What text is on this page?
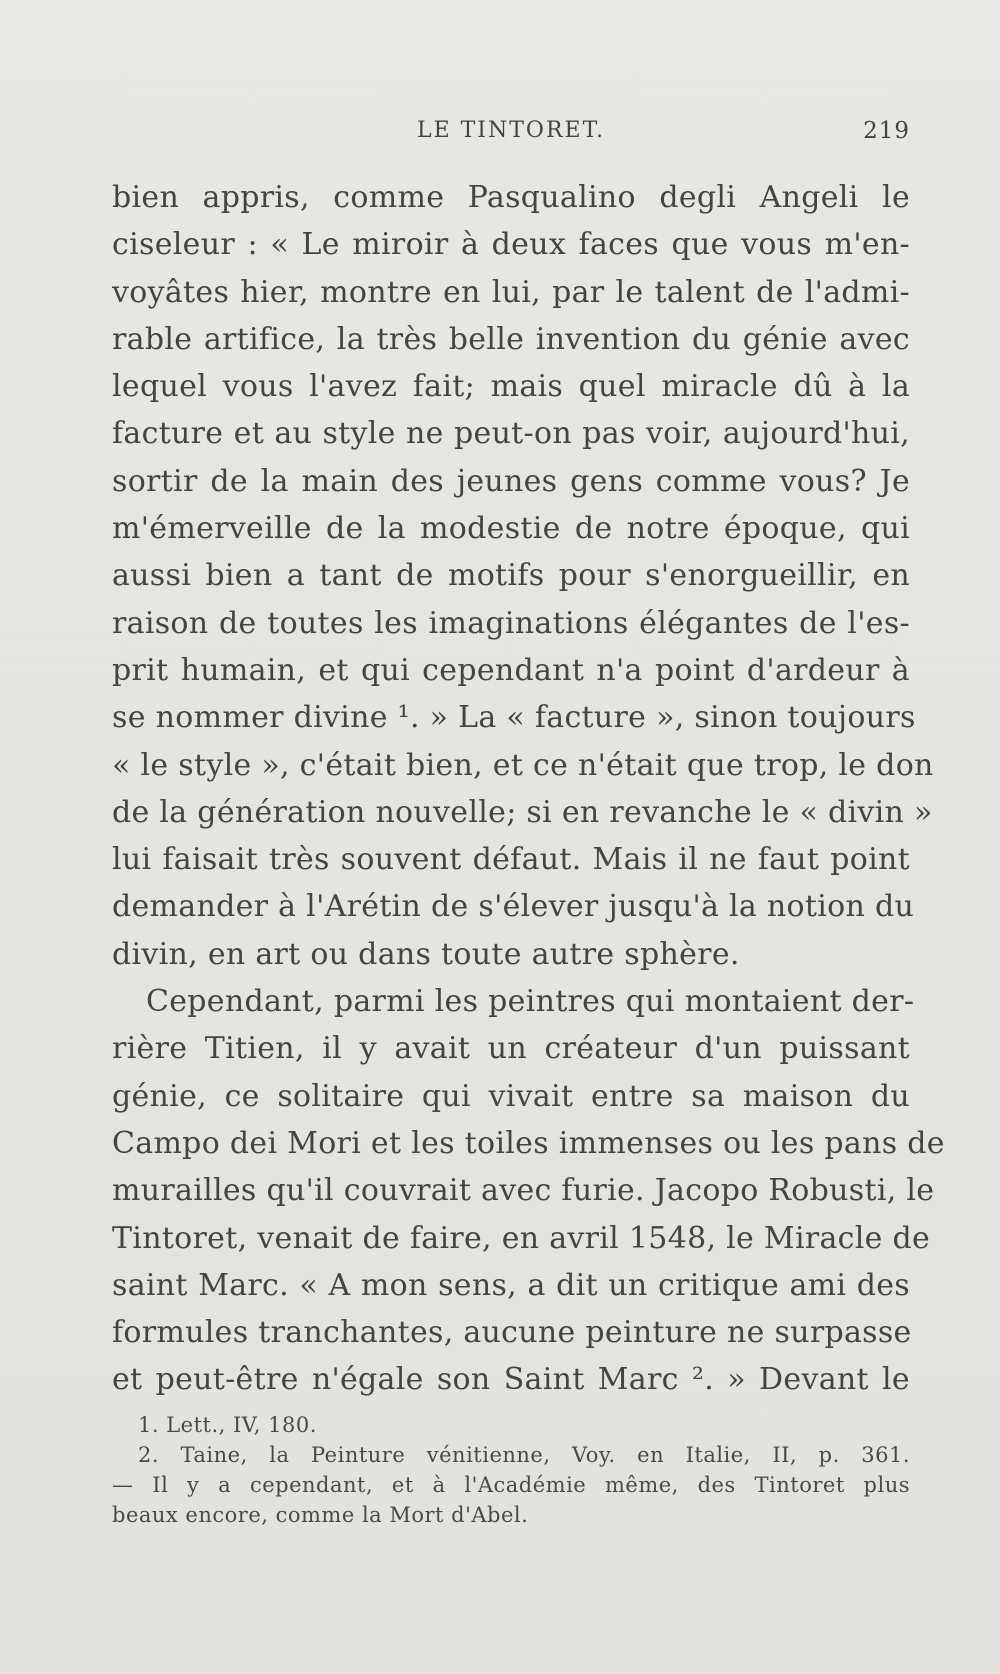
LE TINTORET.	219
bien appris, comme Pasqualino degli Angeli le
ciseleur : « Le miroir à deux faces que vous m'en-
voyâtes hier, montre en lui, par le talent de l'admi-
rable artifice, la très belle invention du génie avec
lequel vous l'avez fait; mais quel miracle dû à la
facture et au style ne peut-on pas voir, aujourd'hui,
sortir de la main des jeunes gens comme vous? Je
m'émerveille de la modestie de notre époque, qui
aussi bien a tant de motifs pour s'enorgueillir, en
raison de toutes les imaginations élégantes de l'es-
prit humain, et qui cependant n'a point d'ardeur à
se nommer divine ¹. » La « facture », sinon toujours
« le style », c'était bien, et ce n'était que trop, le don
de la génération nouvelle; si en revanche le « divin »
lui faisait très souvent défaut. Mais il ne faut point
demander à l'Arétin de s'élever jusqu'à la notion du
divin, en art ou dans toute autre sphère.
Cependant, parmi les peintres qui montaient der-
rière Titien, il y avait un créateur d'un puissant
génie, ce solitaire qui vivait entre sa maison du
Campo dei Mori et les toiles immenses ou les pans de
murailles qu'il couvrait avec furie. Jacopo Robusti, le
Tintoret, venait de faire, en avril 1548, le Miracle de
saint Marc. « A mon sens, a dit un critique ami des
formules tranchantes, aucune peinture ne surpasse
et peut-être n'égale son Saint Marc ². » Devant le
1. Lett., IV, 180.
2. Taine, la Peinture vénitienne, Voy. en Italie, II, p. 361.
— Il y a cependant, et à l'Académie même, des Tintoret plus
beaux encore, comme la Mort d'Abel.
